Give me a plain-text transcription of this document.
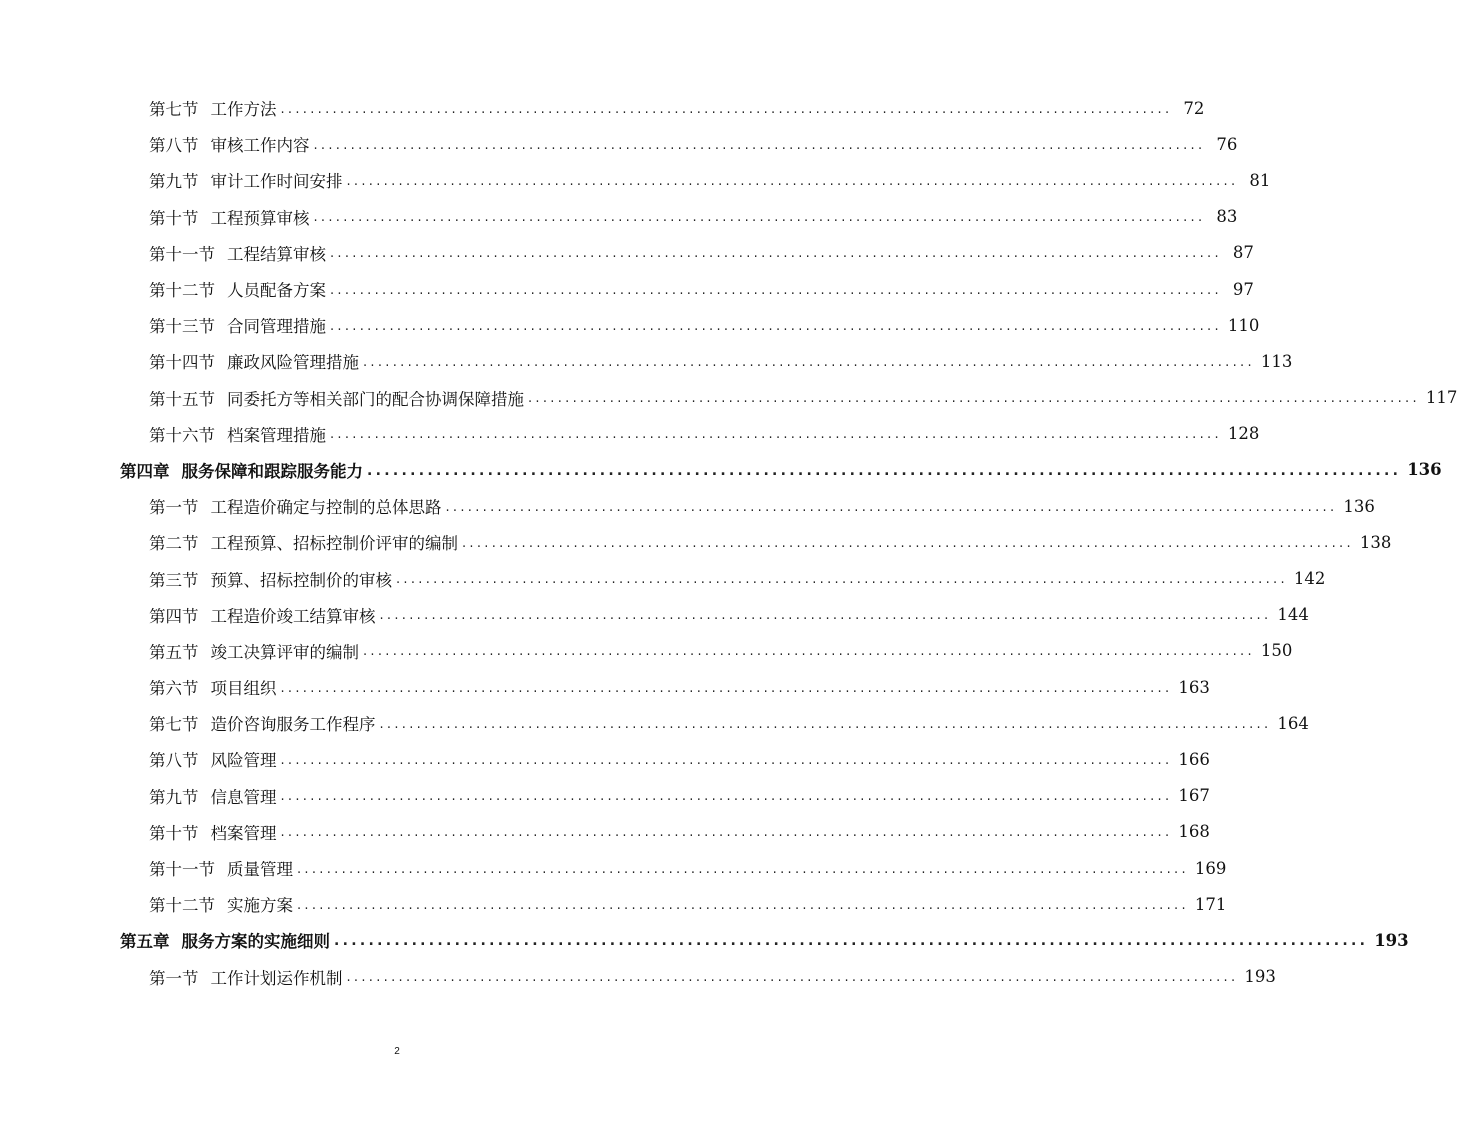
第七节 工作方法 ........................................................................................................................ 72
第八节 审核工作内容 ........................................................................................................................ 76
第九节 审计工作时间安排 ........................................................................................................................ 81
第十节 工程预算审核 ........................................................................................................................ 83
第十一节 工程结算审核 ........................................................................................................................ 87
第十二节 人员配备方案 ........................................................................................................................ 97
第十三节 合同管理措施 ........................................................................................................................ 110
第十四节 廉政风险管理措施 ........................................................................................................................ 113
第十五节 同委托方等相关部门的配合协调保障措施 ........................................................................................................................ 117
第十六节 档案管理措施 ........................................................................................................................ 128
第四章 服务保障和跟踪服务能力 ........................................................................................................................ 136
第一节 工程造价确定与控制的总体思路 ........................................................................................................................ 136
第二节 工程预算、招标控制价评审的编制 ........................................................................................................................ 138
第三节 预算、招标控制价的审核 ........................................................................................................................ 142
第四节 工程造价竣工结算审核 ........................................................................................................................ 144
第五节 竣工决算评审的编制 ........................................................................................................................ 150
第六节 项目组织 ........................................................................................................................ 163
第七节 造价咨询服务工作程序 ........................................................................................................................ 164
第八节 风险管理 ........................................................................................................................ 166
第九节 信息管理 ........................................................................................................................ 167
第十节 档案管理 ........................................................................................................................ 168
第十一节 质量管理 ........................................................................................................................ 169
第十二节 实施方案 ........................................................................................................................ 171
第五章 服务方案的实施细则 ........................................................................................................................ 193
第一节 工作计划运作机制 ........................................................................................................................ 193
2
